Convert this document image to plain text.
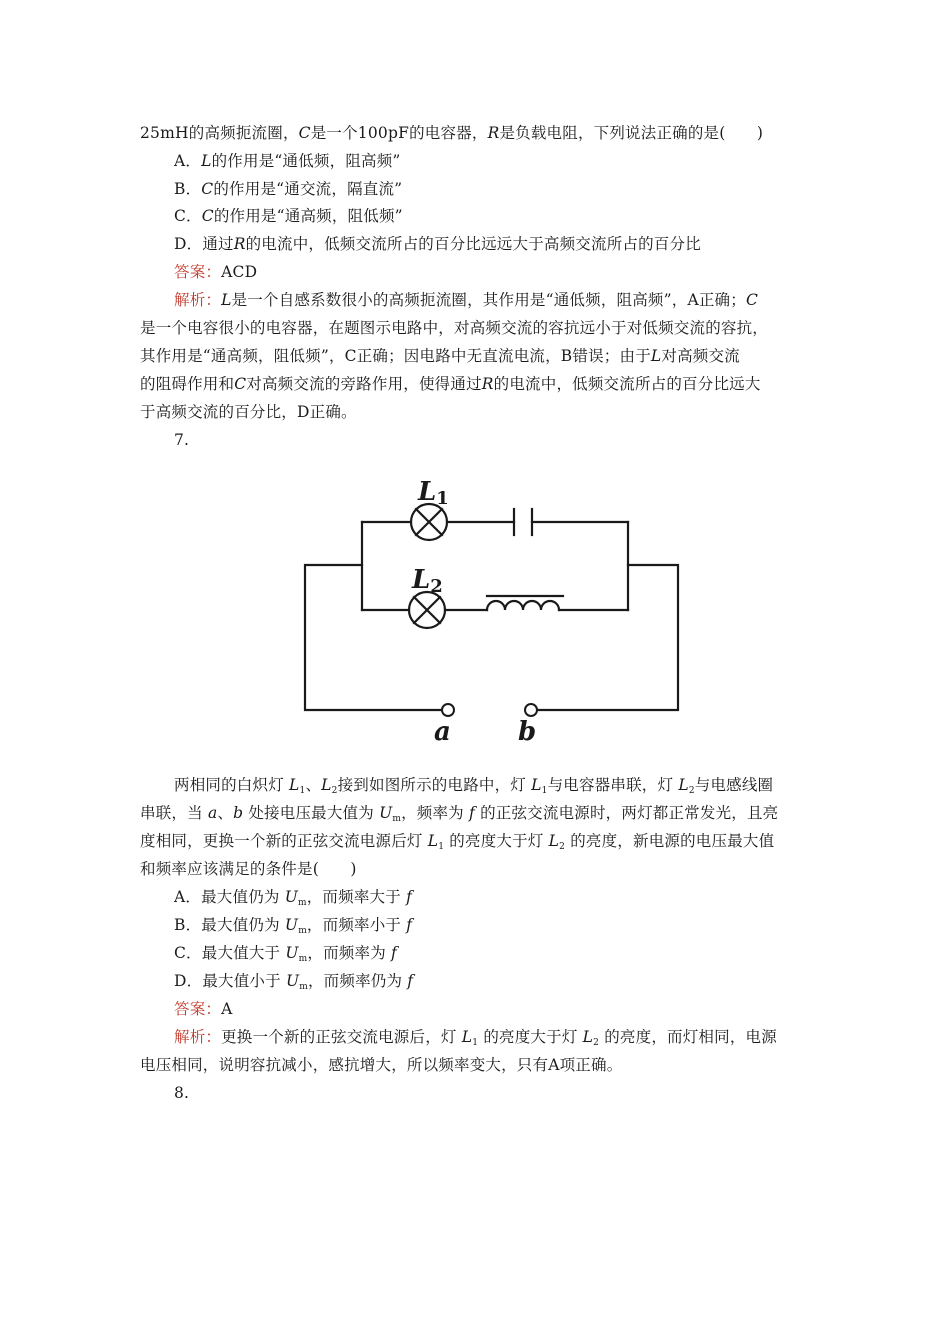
25mH的高频扼流圈，C是一个100pF的电容器，R是负载电阻，下列说法正确的是(　　)
A．L的作用是“通低频，阻高频”
B．C的作用是“通交流，隔直流”
C．C的作用是“通高频，阻低频”
D．通过R的电流中，低频交流所占的百分比远远大于高频交流所占的百分比
答案：ACD
解析：L是一个自感系数很小的高频扼流圈，其作用是“通低频，阻高频”，A正确；C
是一个电容很小的电容器，在题图示电路中，对高频交流的容抗远小于对低频交流的容抗，
其作用是“通高频，阻低频”，C正确；因电路中无直流电流，B错误；由于L对高频交流
的阻碍作用和C对高频交流的旁路作用，使得通过R的电流中，低频交流所占的百分比远大
于高频交流的百分比，D正确。
7.
L1
L2
a	b
两相同的白炽灯 $L_1$、$L_2$接到如图所示的电路中，灯 $L_1$与电容器串联，灯 $L_2$与电感线圈
串联，当 a、b 处接电压最大值为 $U_m$，频率为 f 的正弦交流电源时，两灯都正常发光，且亮
度相同，更换一个新的正弦交流电源后灯 $L_1$ 的亮度大于灯 $L_2$ 的亮度，新电源的电压最大值
和频率应该满足的条件是(　　)
A．最大值仍为 $U_m$，而频率大于 f
B．最大值仍为 $U_m$，而频率小于 f
C．最大值大于 $U_m$，而频率为 f
D．最大值小于 $U_m$，而频率仍为 f
答案：A
解析：更换一个新的正弦交流电源后，灯 $L_1$ 的亮度大于灯 $L_2$ 的亮度，而灯相同，电源
电压相同，说明容抗减小，感抗增大，所以频率变大，只有A项正确。
8.
